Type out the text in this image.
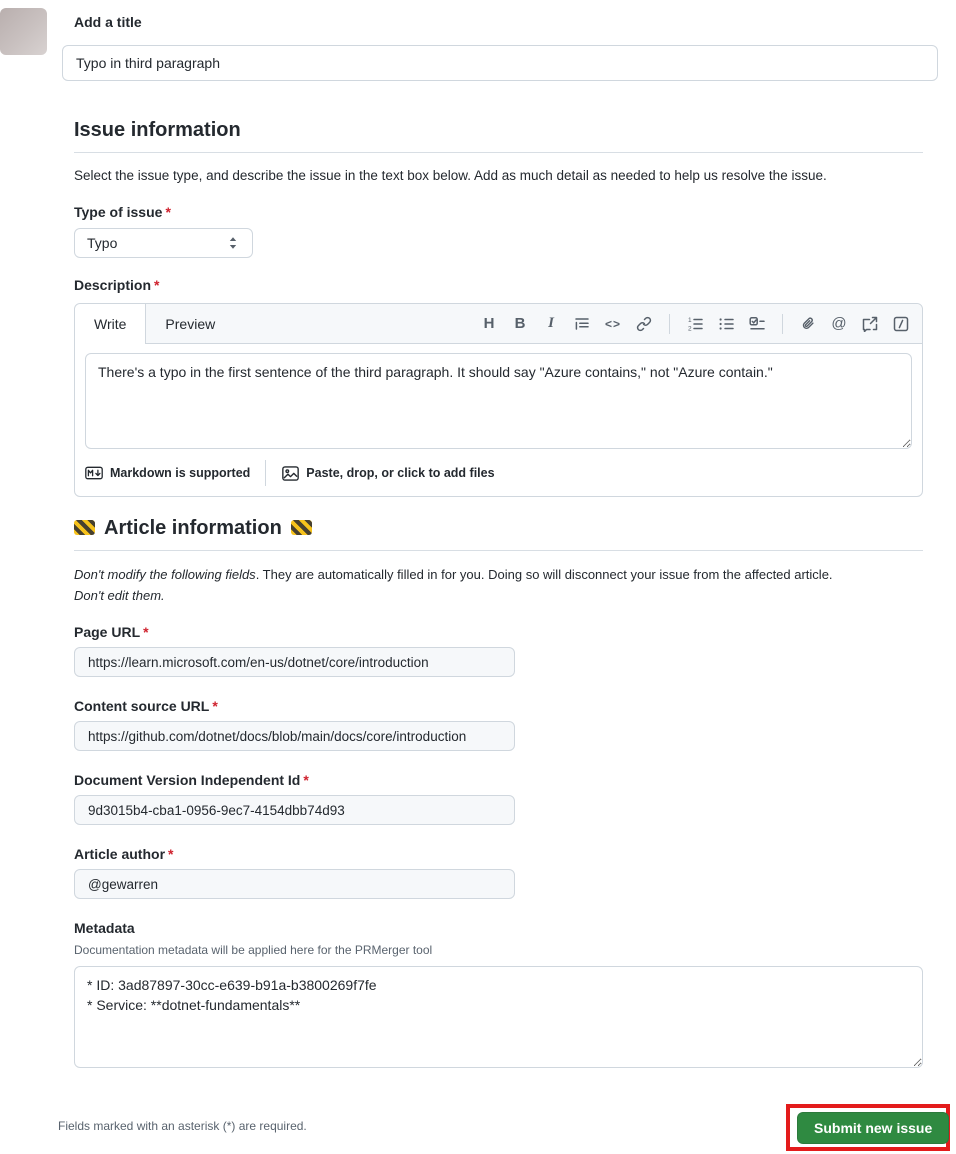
Add a title
Typo in third paragraph
Issue information
Select the issue type, and describe the issue in the text box below. Add as much detail as needed to help us resolve the issue.
Type of issue *
Typo
Description *
Write	Preview	H B	I	<>	1
2	@
There's a typo in the first sentence of the third paragraph. It should say "Azure contains," not "Azure contain."
Markdown is supported	Paste, drop, or click to add files
Article information
Don't modify the following fields. They are automatically filled in for you. Doing so will disconnect your issue from the affected article.
Don't edit them.
Page URL *
https://learn.microsoft.com/en-us/dotnet/core/introduction
Content source URL *
https://github.com/dotnet/docs/blob/main/docs/core/introduction
Document Version Independent Id *
9d3015b4-cba1-0956-9ec7-4154dbb74d93
Article author *
@gewarren
Metadata
Documentation metadata will be applied here for the PRMerger tool
* ID: 3ad87897-30cc-e639-b91a-b3800269f7fe * Service: **dotnet-fundamentals**
Fields marked with an asterisk (*) are required.	Submit new issue
